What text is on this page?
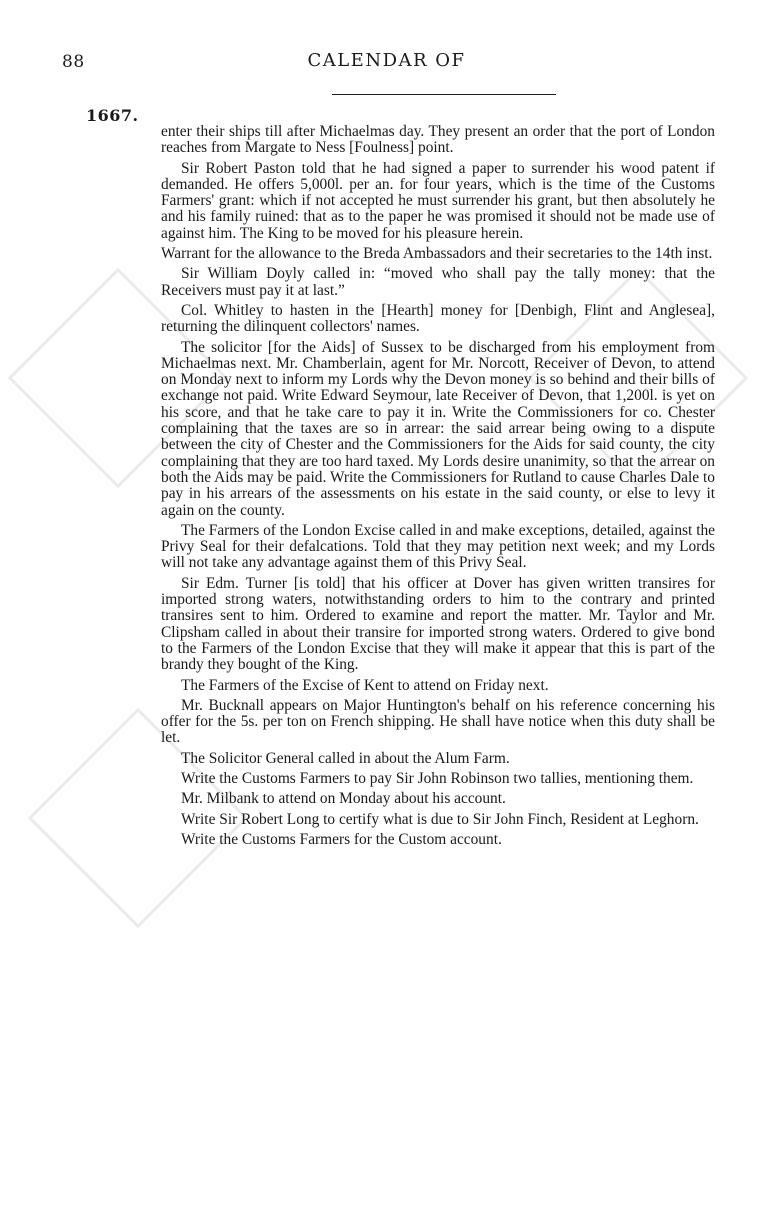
88	CALENDAR OF
1667.

enter their ships till after Michaelmas day. They present an order that the port of London reaches from Margate to Ness [Foulness] point.

Sir Robert Paston told that he had signed a paper to surrender his wood patent if demanded. He offers 5,000l. per an. for four years, which is the time of the Customs Farmers' grant: which if not accepted he must surrender his grant, but then absolutely he and his family ruined: that as to the paper he was promised it should not be made use of against him. The King to be moved for his pleasure herein.

Warrant for the allowance to the Breda Ambassadors and their secretaries to the 14th inst.

Sir William Doyly called in: “moved who shall pay the tally money: that the Receivers must pay it at last.”

Col. Whitley to hasten in the [Hearth] money for [Denbigh, Flint and Anglesea], returning the dilinquent collectors' names.

The solicitor [for the Aids] of Sussex to be discharged from his employment from Michaelmas next. Mr. Chamberlain, agent for Mr. Norcott, Receiver of Devon, to attend on Monday next to inform my Lords why the Devon money is so behind and their bills of exchange not paid. Write Edward Seymour, late Receiver of Devon, that 1,200l. is yet on his score, and that he take care to pay it in. Write the Commissioners for co. Chester complaining that the taxes are so in arrear: the said arrear being owing to a dispute between the city of Chester and the Commissioners for the Aids for said county, the city complaining that they are too hard taxed. My Lords desire unanimity, so that the arrear on both the Aids may be paid. Write the Commissioners for Rutland to cause Charles Dale to pay in his arrears of the assessments on his estate in the said county, or else to levy it again on the county.

The Farmers of the London Excise called in and make exceptions, detailed, against the Privy Seal for their defalcations. Told that they may petition next week; and my Lords will not take any advantage against them of this Privy Seal.

Sir Edm. Turner [is told] that his officer at Dover has given written transires for imported strong waters, notwithstanding orders to him to the contrary and printed transires sent to him. Ordered to examine and report the matter. Mr. Taylor and Mr. Clipsham called in about their transire for imported strong waters. Ordered to give bond to the Farmers of the London Excise that they will make it appear that this is part of the brandy they bought of the King.

The Farmers of the Excise of Kent to attend on Friday next.

Mr. Bucknall appears on Major Huntington's behalf on his reference concerning his offer for the 5s. per ton on French shipping. He shall have notice when this duty shall be let.

The Solicitor General called in about the Alum Farm.

Write the Customs Farmers to pay Sir John Robinson two tallies, mentioning them.

Mr. Milbank to attend on Monday about his account.

Write Sir Robert Long to certify what is due to Sir John Finch, Resident at Leghorn.

Write the Customs Farmers for the Custom account.
